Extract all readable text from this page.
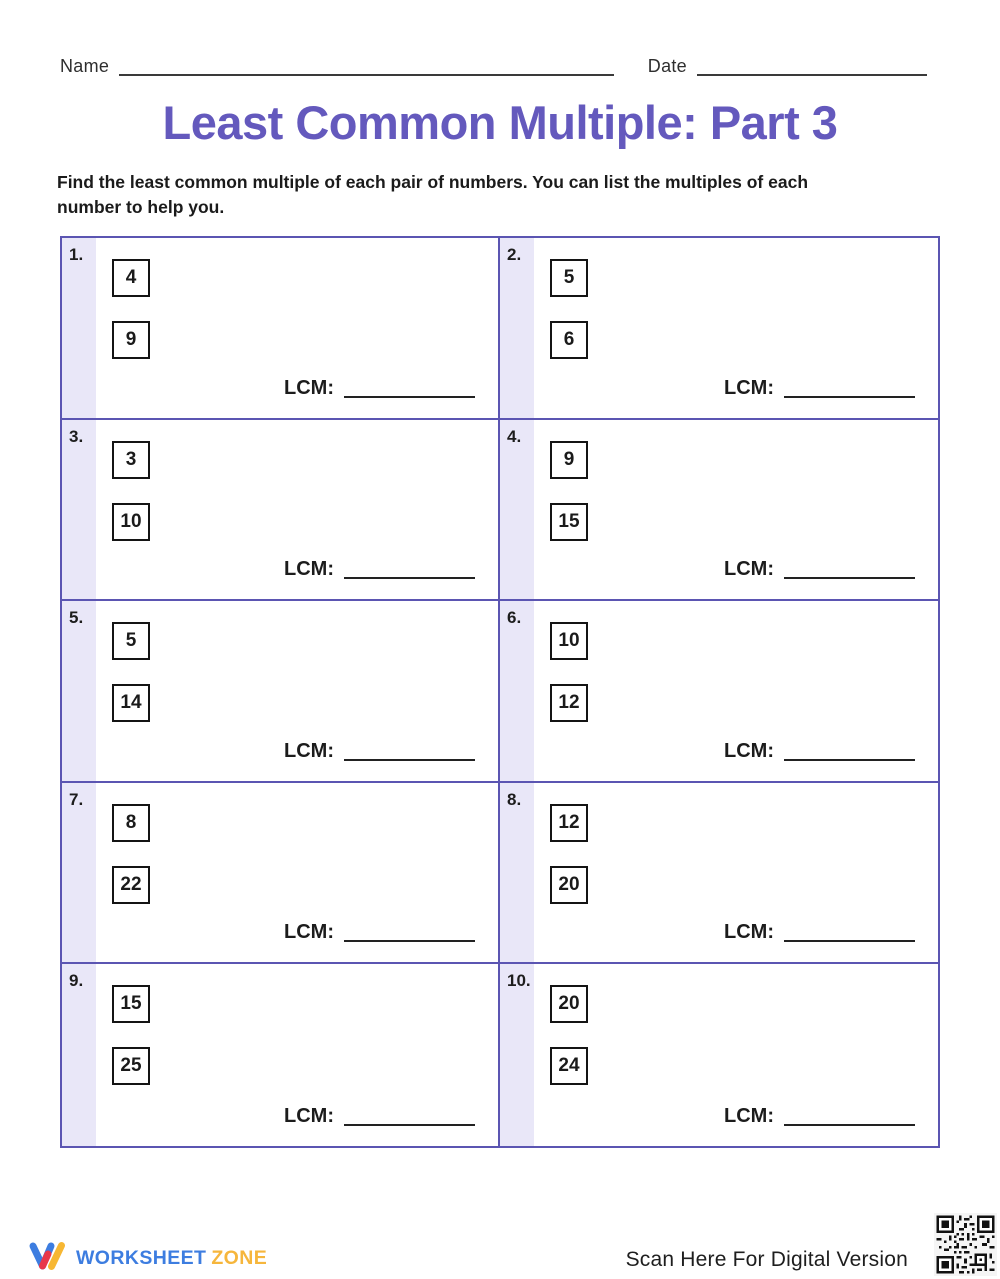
Name	Date
Least Common Multiple: Part 3
Find the least common multiple of each pair of numbers. You can list the multiples of each
number to help you.
1.
4
9
LCM:
2.
5
6
LCM:
3.
3
10
LCM:
4.
9
15
LCM:
5.
5
14
LCM:
6.
10
12
LCM:
7.
8
22
LCM:
8.
12
20
LCM:
9.
15
25
LCM:
10.
20
24
LCM:
WORKSHEET ZONE	Scan Here For Digital Version
